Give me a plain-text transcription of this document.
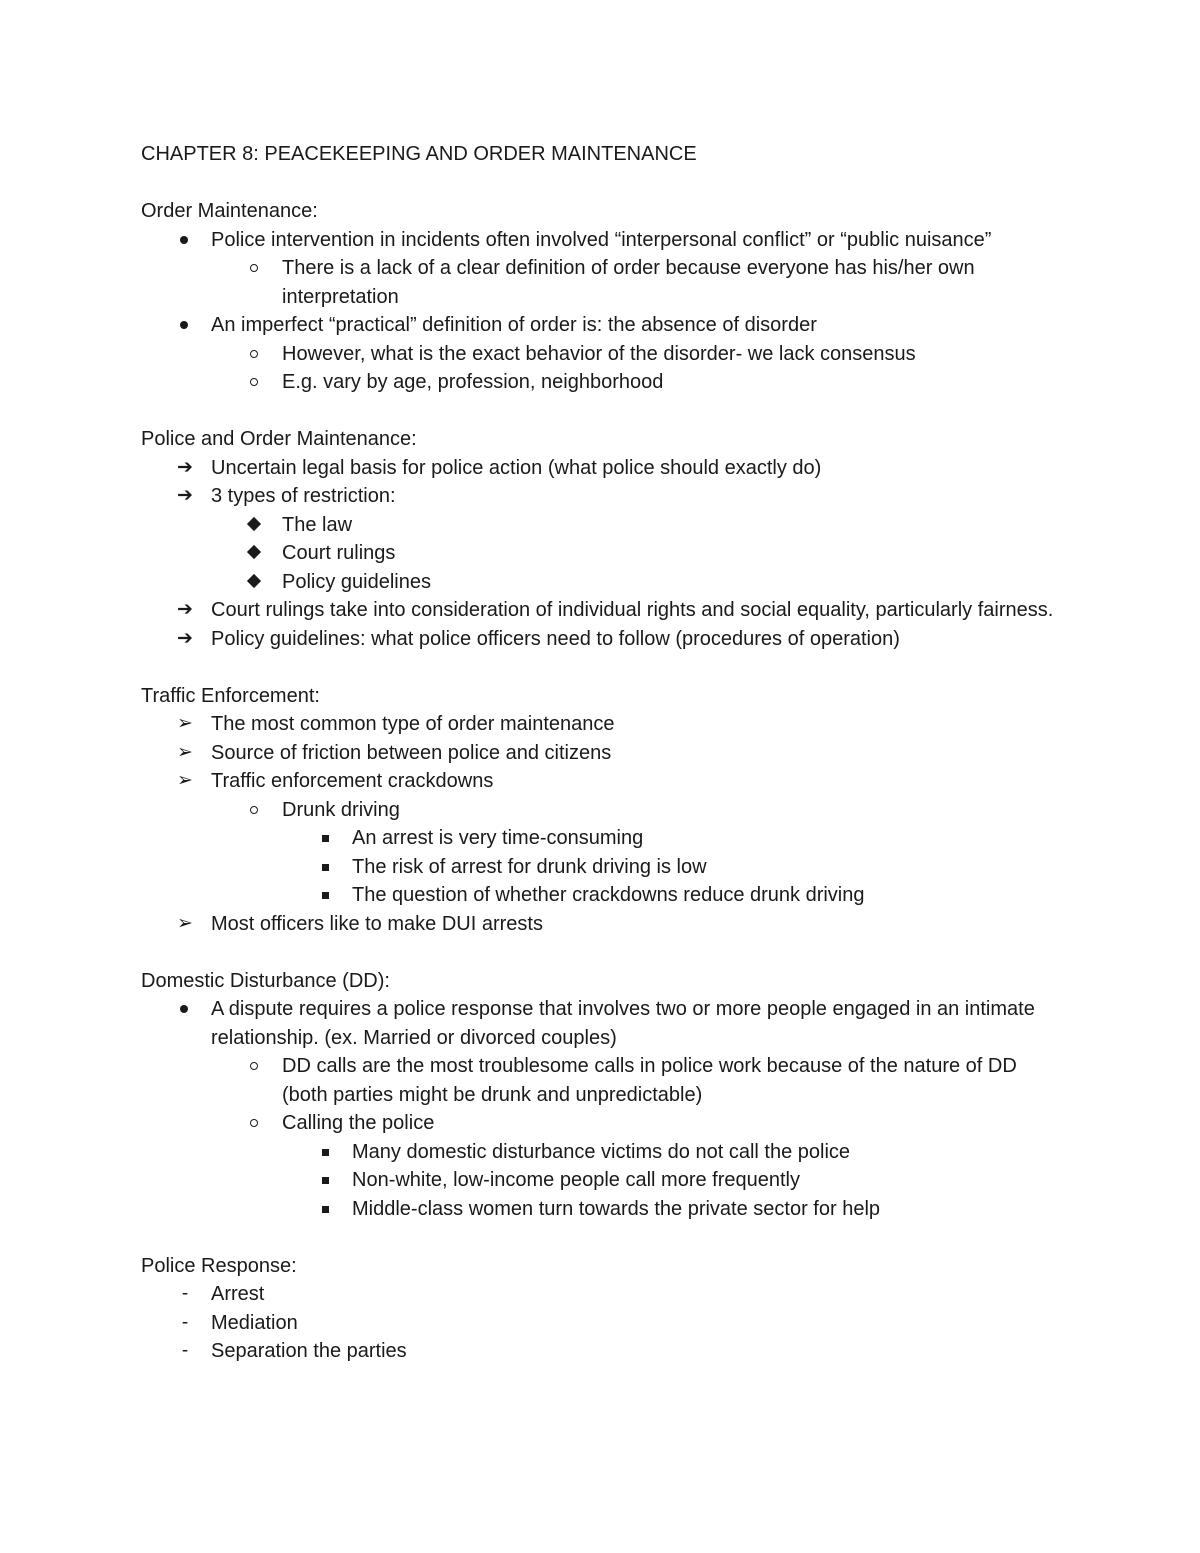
CHAPTER 8: PEACEKEEPING AND ORDER MAINTENANCE
Order Maintenance:
Police intervention in incidents often involved “interpersonal conflict” or “public nuisance”
There is a lack of a clear definition of order because everyone has his/her own interpretation
An imperfect “practical” definition of order is: the absence of disorder
However, what is the exact behavior of the disorder- we lack consensus
E.g. vary by age, profession, neighborhood
Police and Order Maintenance:
➔ Uncertain legal basis for police action (what police should exactly do)
➔ 3 types of restriction:
The law
Court rulings
Policy guidelines
➔ Court rulings take into consideration of individual rights and social equality, particularly fairness.
➔ Policy guidelines: what police officers need to follow (procedures of operation)
Traffic Enforcement:
➢ The most common type of order maintenance
➢ Source of friction between police and citizens
➢ Traffic enforcement crackdowns
Drunk driving
An arrest is very time-consuming
The risk of arrest for drunk driving is low
The question of whether crackdowns reduce drunk driving
➢ Most officers like to make DUI arrests
Domestic Disturbance (DD):
A dispute requires a police response that involves two or more people engaged in an intimate relationship. (ex. Married or divorced couples)
DD calls are the most troublesome calls in police work because of the nature of DD (both parties might be drunk and unpredictable)
Calling the police
Many domestic disturbance victims do not call the police
Non-white, low-income people call more frequently
Middle-class women turn towards the private sector for help
Police Response:
-	Arrest
-	Mediation
-	Separation the parties
